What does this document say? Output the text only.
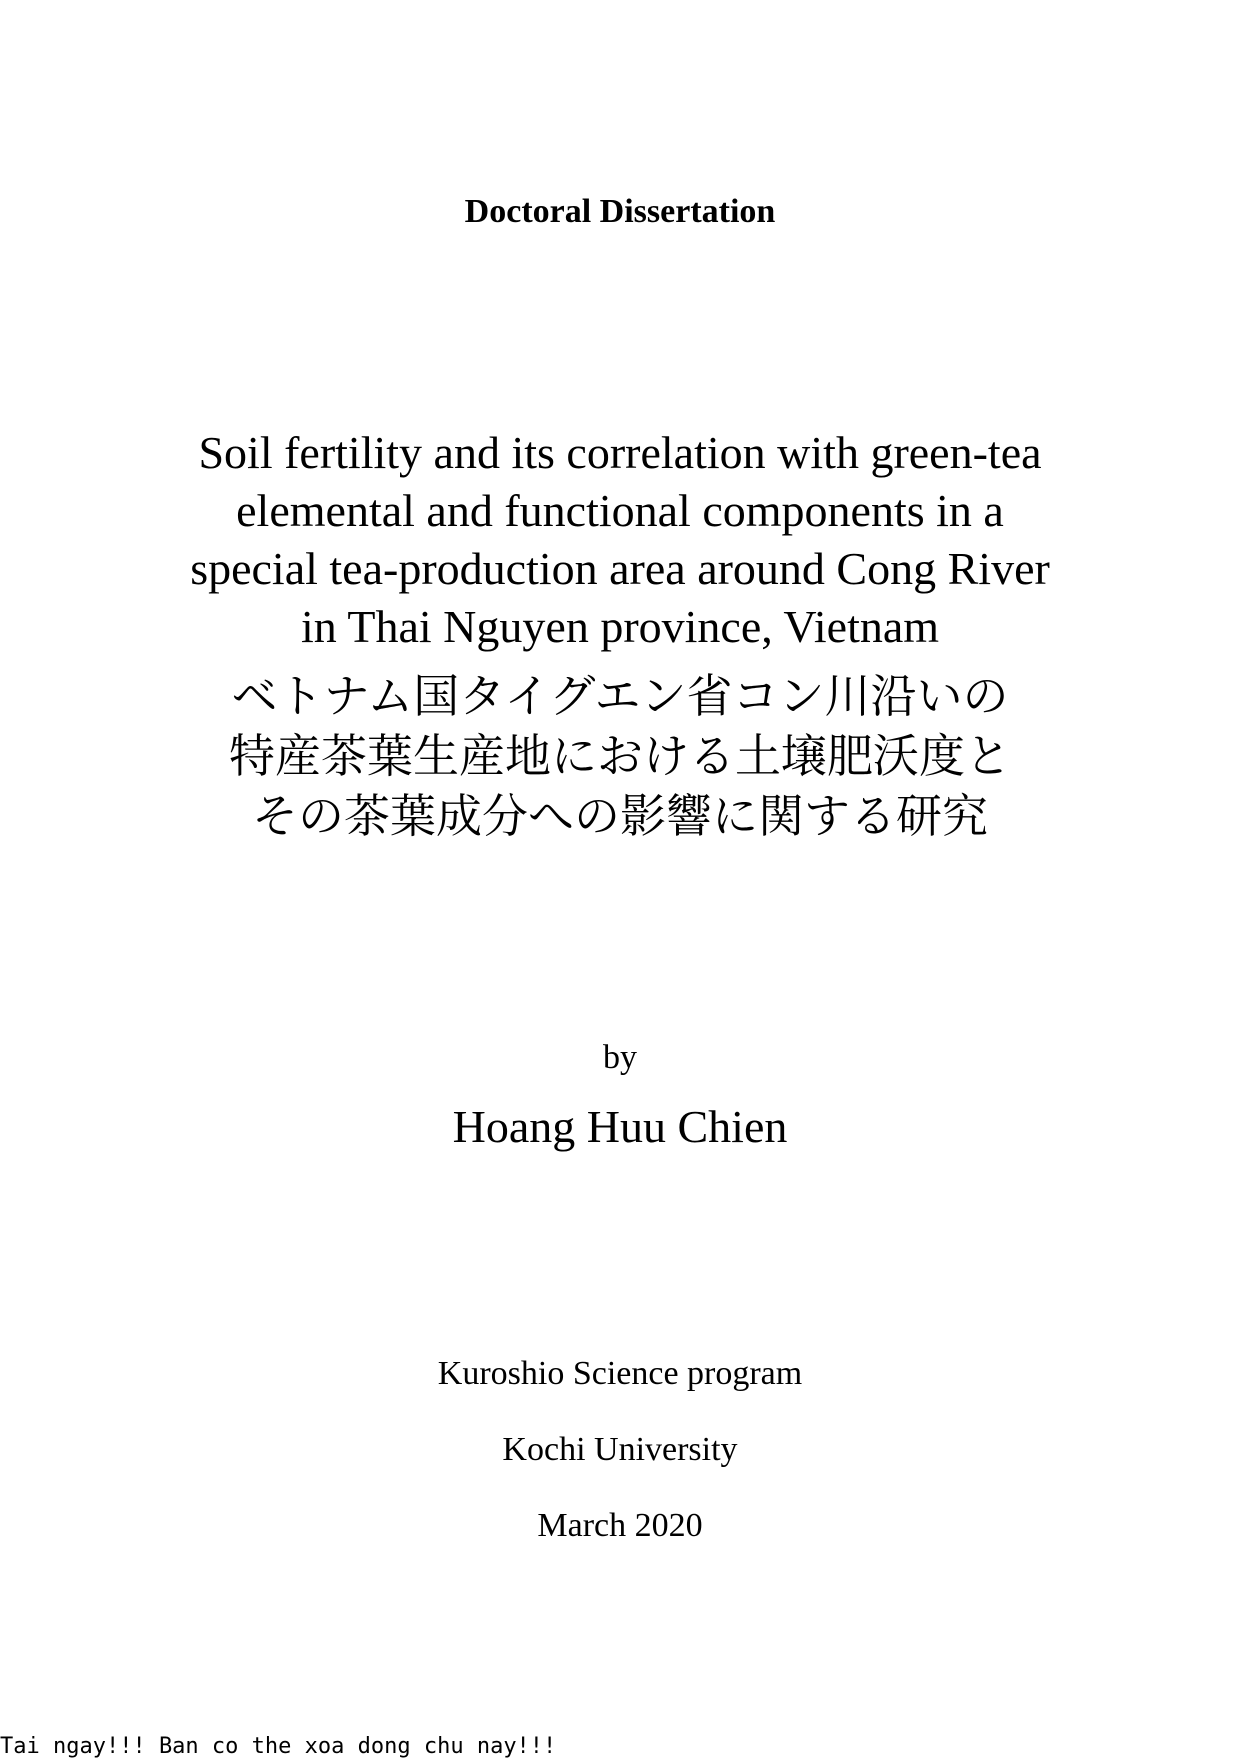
Doctoral Dissertation
Soil fertility and its correlation with green-tea
elemental and functional components in a
special tea-production area around Cong River
in Thai Nguyen province, Vietnam
ベトナム国タイグエン省コン川沿いの
特産茶葉生産地における土壌肥沃度と
その茶葉成分への影響に関する研究
by
Hoang Huu Chien
Kuroshio Science program
Kochi University
March 2020
Tai ngay!!! Ban co the xoa dong chu nay!!!
